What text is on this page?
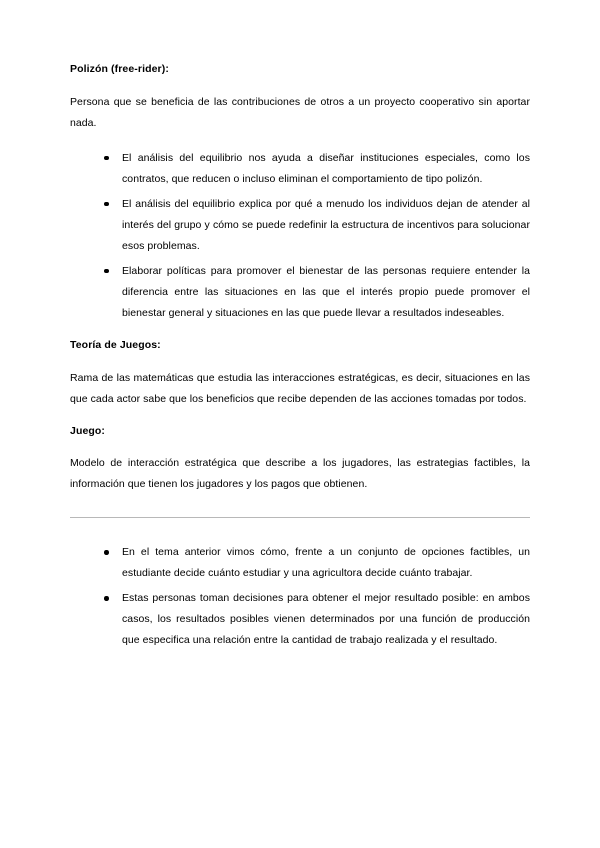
Polizón (free-rider):

Persona que se beneficia de las contribuciones de otros a un proyecto cooperativo sin aportar nada.

El análisis del equilibrio nos ayuda a diseñar instituciones especiales, como los contratos, que reducen o incluso eliminan el comportamiento de tipo polizón.
El análisis del equilibrio explica por qué a menudo los individuos dejan de atender al interés del grupo y cómo se puede redefinir la estructura de incentivos para solucionar esos problemas.
Elaborar políticas para promover el bienestar de las personas requiere entender la diferencia entre las situaciones en las que el interés propio puede promover el bienestar general y situaciones en las que puede llevar a resultados indeseables.

Teoría de Juegos:

Rama de las matemáticas que estudia las interacciones estratégicas, es decir, situaciones en las que cada actor sabe que los beneficios que recibe dependen de las acciones tomadas por todos.

Juego:

Modelo de interacción estratégica que describe a los jugadores, las estrategias factibles, la información que tienen los jugadores y los pagos que obtienen.

En el tema anterior vimos cómo, frente a un conjunto de opciones factibles, un estudiante decide cuánto estudiar y una agricultora decide cuánto trabajar.
Estas personas toman decisiones para obtener el mejor resultado posible: en ambos casos, los resultados posibles vienen determinados por una función de producción que especifica una relación entre la cantidad de trabajo realizada y el resultado.
